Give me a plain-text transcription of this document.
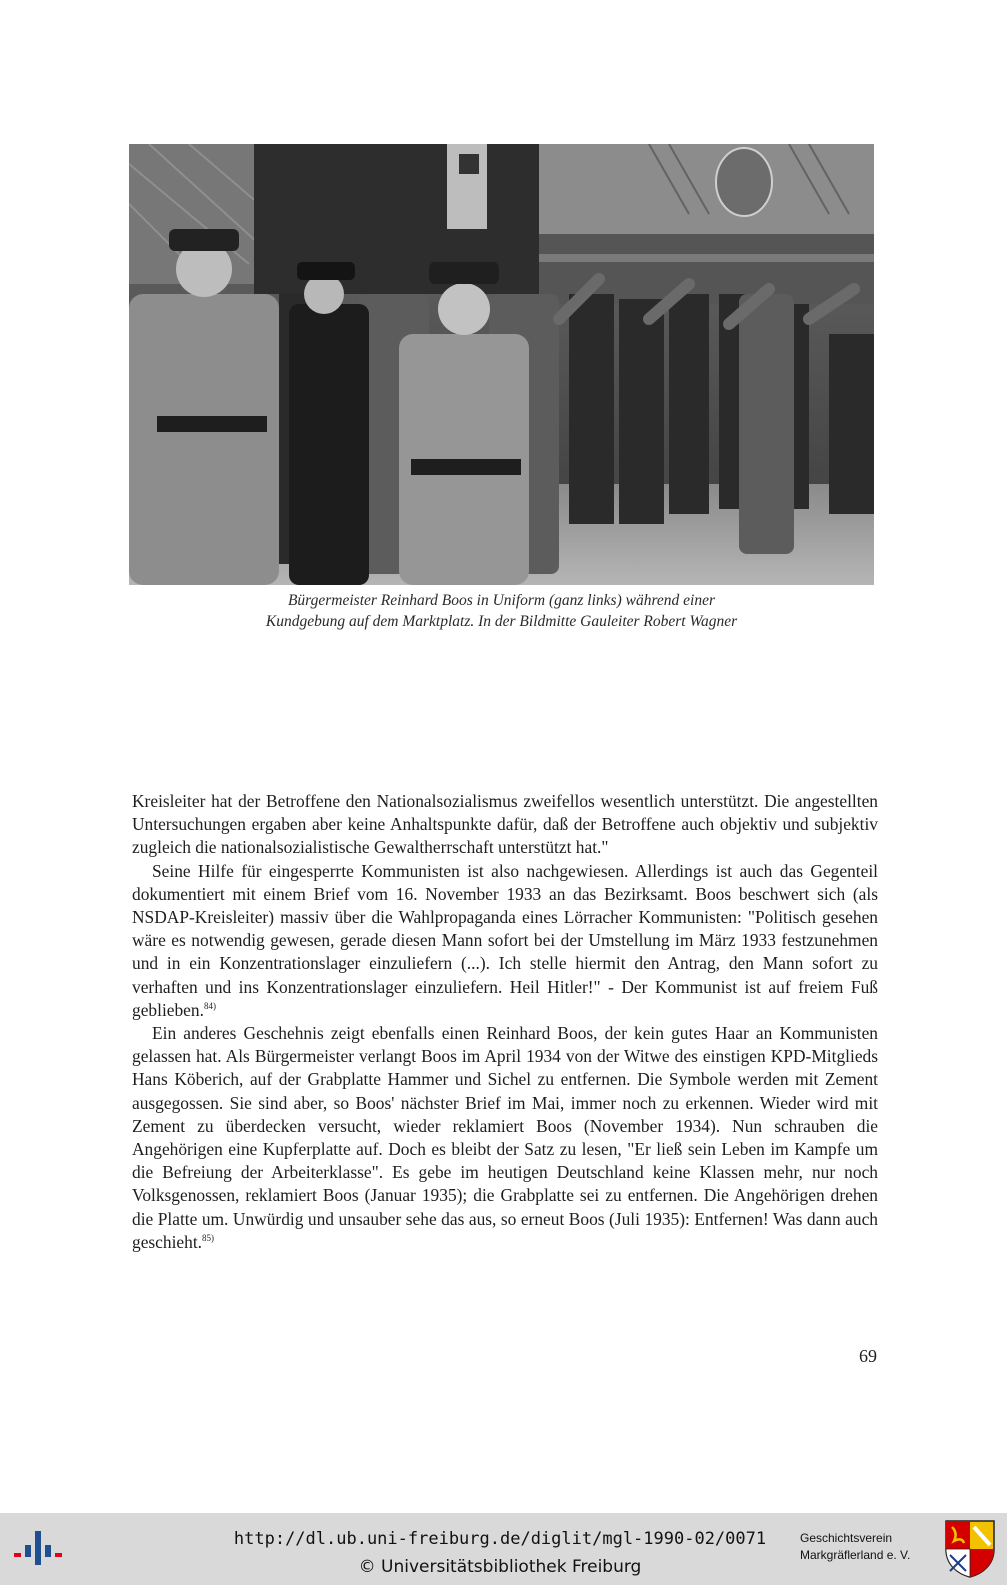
Bürgermeister Reinhard Boos in Uniform (ganz links) während einer
Kundgebung auf dem Marktplatz. In der Bildmitte Gauleiter Robert Wagner

Kreisleiter hat der Betroffene den Nationalsozialismus zweifellos wesentlich unterstützt. Die angestellten Untersuchungen ergaben aber keine Anhaltspunkte dafür, daß der Betroffene auch objektiv und subjektiv zugleich die nationalsozialistische Gewaltherrschaft unterstützt hat."

Seine Hilfe für eingesperrte Kommunisten ist also nachgewiesen. Allerdings ist auch das Gegenteil dokumentiert mit einem Brief vom 16. November 1933 an das Bezirksamt. Boos beschwert sich (als NSDAP-Kreisleiter) massiv über die Wahlpropaganda eines Lörracher Kommunisten: "Politisch gesehen wäre es notwendig gewesen, gerade diesen Mann sofort bei der Umstellung im März 1933 festzunehmen und in ein Konzentrationslager einzuliefern (...). Ich stelle hiermit den Antrag, den Mann sofort zu verhaften und ins Konzentrationslager einzuliefern. Heil Hitler!" - Der Kommunist ist auf freiem Fuß geblieben.$^{84)}$

Ein anderes Geschehnis zeigt ebenfalls einen Reinhard Boos, der kein gutes Haar an Kommunisten gelassen hat. Als Bürgermeister verlangt Boos im April 1934 von der Witwe des einstigen KPD-Mitglieds Hans Köberich, auf der Grabplatte Hammer und Sichel zu entfernen. Die Symbole werden mit Zement ausgegossen. Sie sind aber, so Boos' nächster Brief im Mai, immer noch zu erkennen. Wieder wird mit Zement zu überdecken versucht, wieder reklamiert Boos (November 1934). Nun schrauben die Angehörigen eine Kupferplatte auf. Doch es bleibt der Satz zu lesen, "Er ließ sein Leben im Kampfe um die Befreiung der Arbeiterklasse". Es gebe im heutigen Deutschland keine Klassen mehr, nur noch Volksgenossen, reklamiert Boos (Januar 1935); die Grabplatte sei zu entfernen. Die Angehörigen drehen die Platte um. Unwürdig und unsauber sehe das aus, so erneut Boos (Juli 1935): Entfernen! Was dann auch geschieht.$^{85)}$

69
http://dl.ub.uni-freiburg.de/diglit/mgl-1990-02/0071
© Universitätsbibliothek Freiburg
Geschichtsverein
Markgräflerland e. V.
